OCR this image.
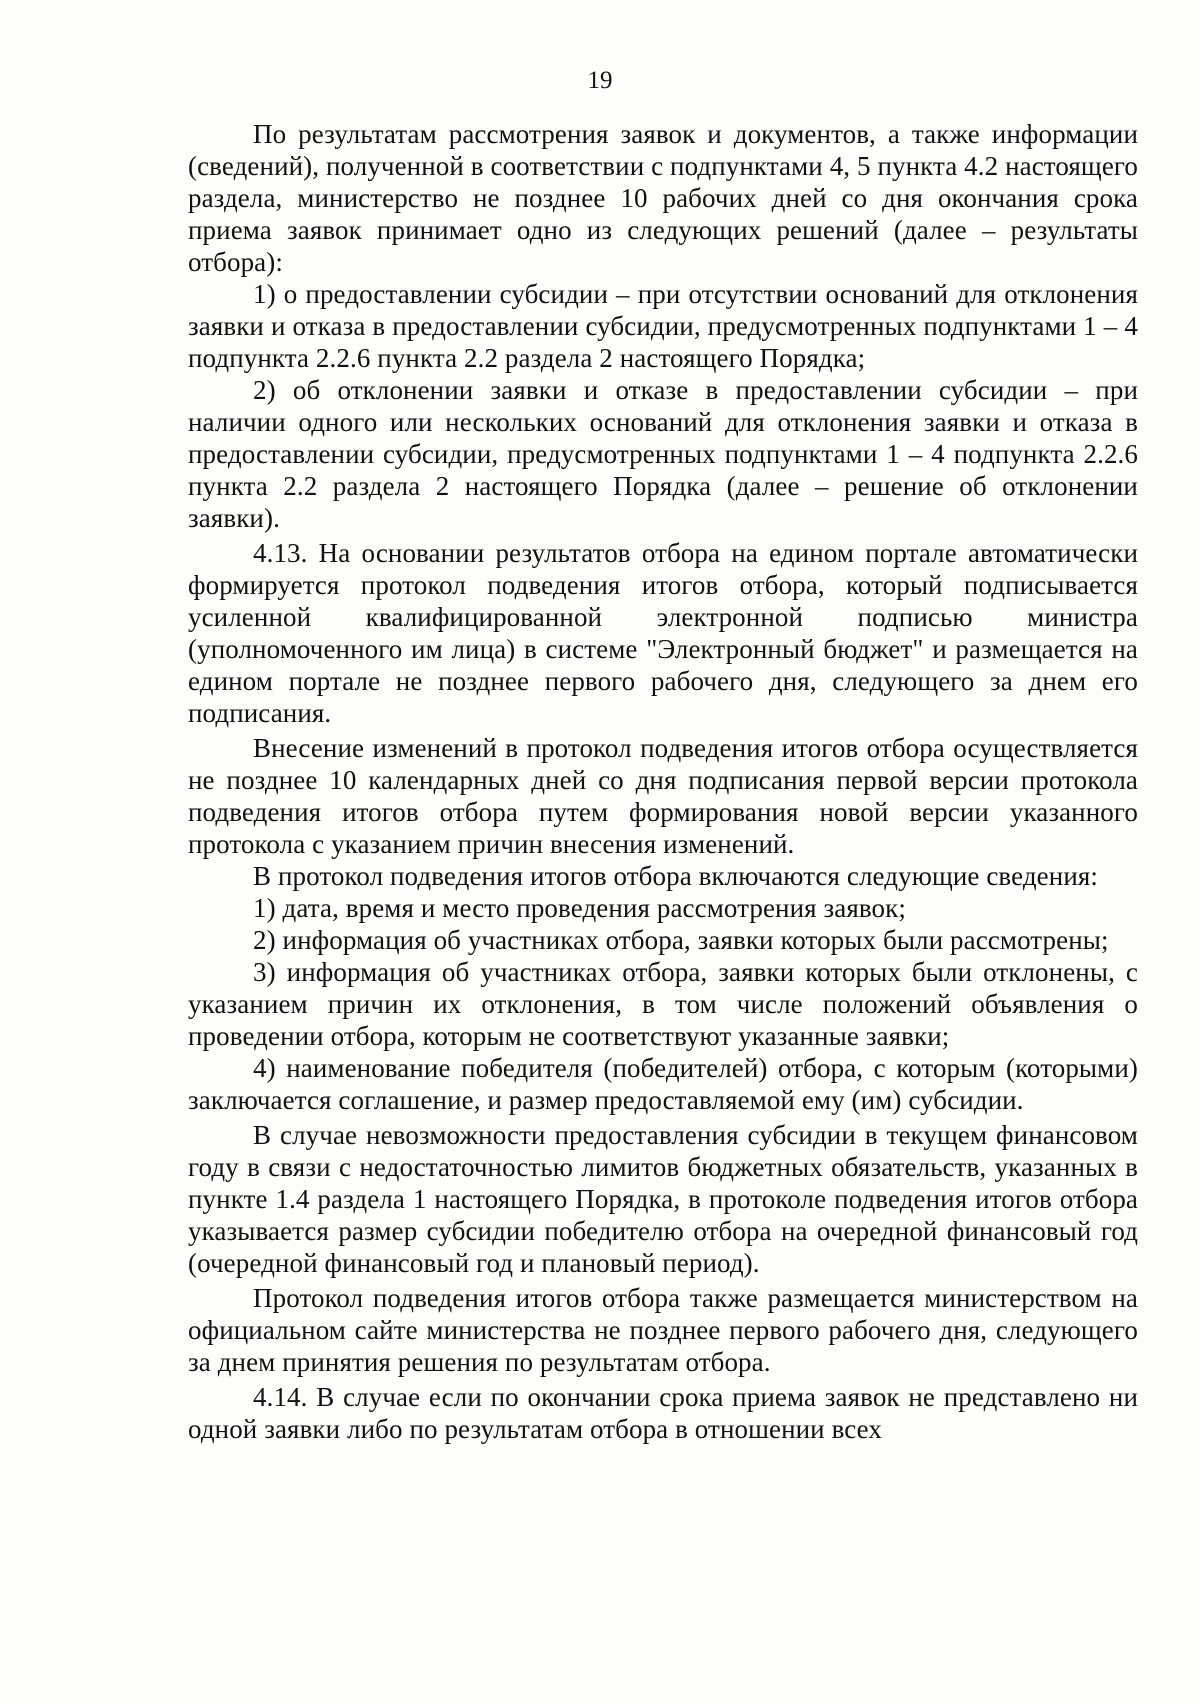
19

По результатам рассмотрения заявок и документов, а также информации (сведений), полученной в соответствии с подпунктами 4, 5 пункта 4.2 настоящего раздела, министерство не позднее 10 рабочих дней со дня окончания срока приема заявок принимает одно из следующих решений (далее – результаты отбора):

1) о предоставлении субсидии – при отсутствии оснований для отклонения заявки и отказа в предоставлении субсидии, предусмотренных подпунктами 1 – 4 подпункта 2.2.6 пункта 2.2 раздела 2 настоящего Порядка;

2) об отклонении заявки и отказе в предоставлении субсидии – при наличии одного или нескольких оснований для отклонения заявки и отказа в предоставлении субсидии, предусмотренных подпунктами 1 – 4 подпункта 2.2.6 пункта 2.2 раздела 2 настоящего Порядка (далее – решение об отклонении заявки).

4.13. На основании результатов отбора на едином портале автоматически формируется протокол подведения итогов отбора, который подписывается усиленной квалифицированной электронной подписью министра (уполномоченного им лица) в системе "Электронный бюджет" и размещается на едином портале не позднее первого рабочего дня, следующего за днем его подписания.

Внесение изменений в протокол подведения итогов отбора осуществляется не позднее 10 календарных дней со дня подписания первой версии протокола подведения итогов отбора путем формирования новой версии указанного протокола с указанием причин внесения изменений.

В протокол подведения итогов отбора включаются следующие сведения:

1) дата, время и место проведения рассмотрения заявок;

2) информация об участниках отбора, заявки которых были рассмотрены;

3) информация об участниках отбора, заявки которых были отклонены, с указанием причин их отклонения, в том числе положений объявления о проведении отбора, которым не соответствуют указанные заявки;

4) наименование победителя (победителей) отбора, с которым (которыми) заключается соглашение, и размер предоставляемой ему (им) субсидии.

В случае невозможности предоставления субсидии в текущем финансовом году в связи с недостаточностью лимитов бюджетных обязательств, указанных в пункте 1.4 раздела 1 настоящего Порядка, в протоколе подведения итогов отбора указывается размер субсидии победителю отбора на очередной финансовый год (очередной финансовый год и плановый период).

Протокол подведения итогов отбора также размещается министерством на официальном сайте министерства не позднее первого рабочего дня, следующего за днем принятия решения по результатам отбора.

4.14. В случае если по окончании срока приема заявок не представлено ни одной заявки либо по результатам отбора в отношении всех
